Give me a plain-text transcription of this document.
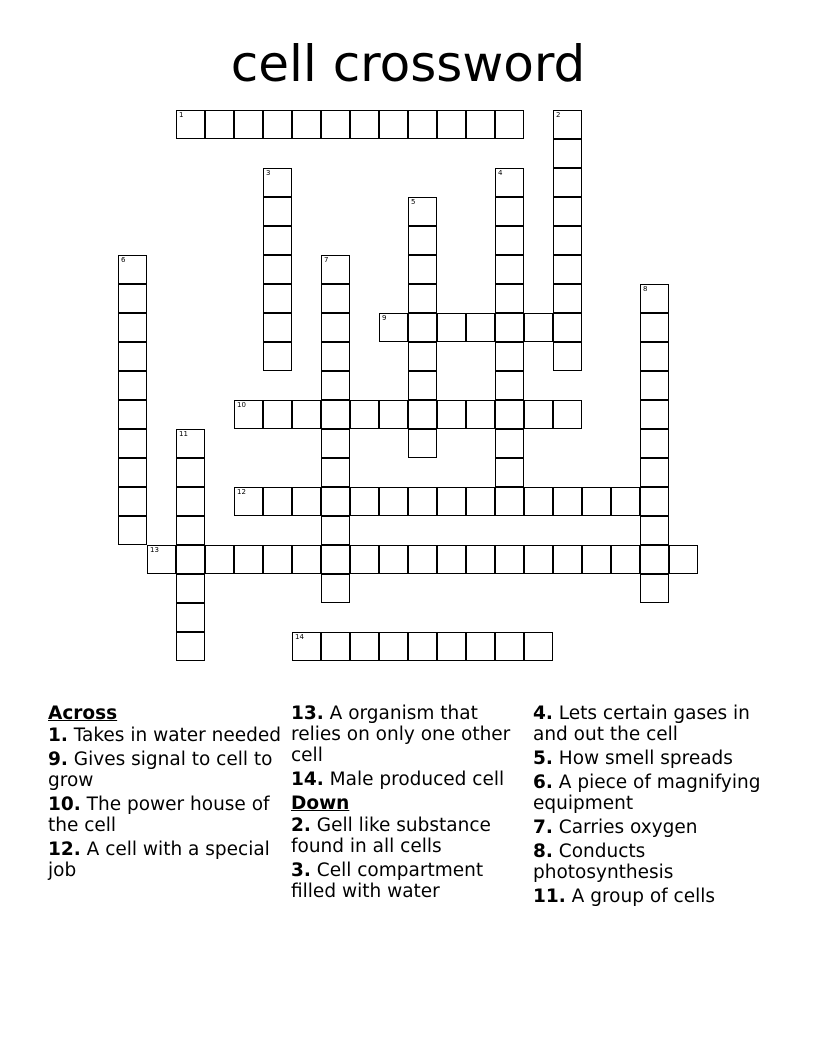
cell crossword
1	2
3	4
5
6	7
8
9
10
11
12
13
14
Across
1. Takes in water needed
9. Gives signal to cell to grow
10. The power house of the cell
12. A cell with a special job
13. A organism that relies on only one other cell
14. Male produced cell
Down
2. Gell like substance found in all cells
3. Cell compartment filled with water
4. Lets certain gases in and out the cell
5. How smell spreads
6. A piece of magnifying equipment
7. Carries oxygen
8. Conducts photosynthesis
11. A group of cells
